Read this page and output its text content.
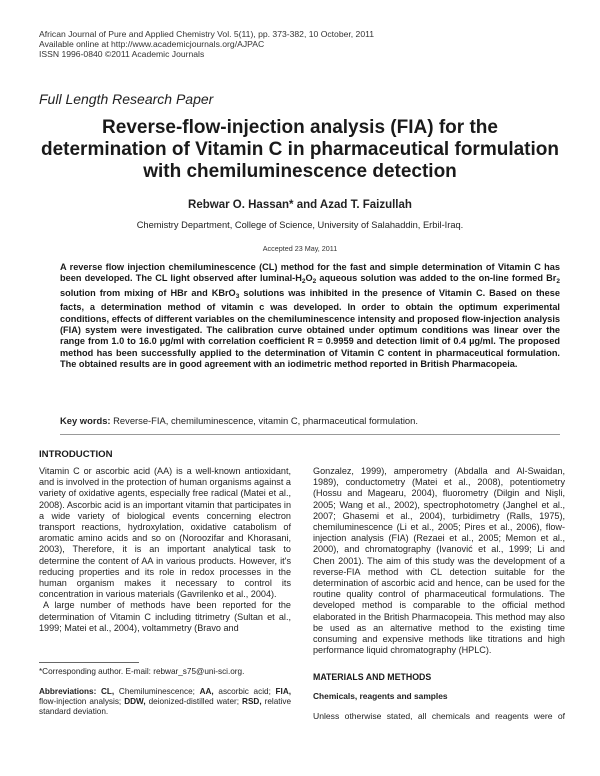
African Journal of Pure and Applied Chemistry Vol. 5(11), pp. 373-382, 10 October, 2011
Available online at http://www.academicjournals.org/AJPAC
ISSN 1996-0840 ©2011 Academic Journals
Full Length Research Paper
Reverse-flow-injection analysis (FIA) for the determination of Vitamin C in pharmaceutical formulation with chemiluminescence detection
Rebwar O. Hassan* and Azad T. Faizullah
Chemistry Department, College of Science, University of Salahaddin, Erbil-Iraq.
Accepted 23 May, 2011
A reverse flow injection chemiluminescence (CL) method for the fast and simple determination of Vitamin C has been developed. The CL light observed after luminal-$H_2O_2$ aqueous solution was added to the on-line formed $Br_2$ solution from mixing of HBr and KBrO$_3$ solutions was inhibited in the presence of Vitamin C. Based on these facts, a determination method of vitamin c was developed. In order to obtain the optimum experimental conditions, effects of different variables on the chemiluminescence intensity and proposed flow-injection analysis (FIA) system were investigated. The calibration curve obtained under optimum conditions was linear over the range from 1.0 to 16.0 µg/ml with correlation coefficient R = 0.9959 and detection limit of 0.4 µg/ml. The proposed method has been successfully applied to the determination of Vitamin C content in pharmaceutical formulation. The obtained results are in good agreement with an iodimetric method reported in British Pharmacopeia.
Key words: Reverse-FIA, chemiluminescence, vitamin C, pharmaceutical formulation.
INTRODUCTION

Vitamin C or ascorbic acid (AA) is a well-known antioxidant, and is involved in the protection of human organisms against a variety of oxidative agents, especially free radical (Matei et al., 2008). Ascorbic acid is an important vitamin that participates in a wide variety of biological events concerning electron transport reactions, hydroxylation, oxidative catabolism of aromatic amino acids and so on (Noroozifar and Khorasani, 2003), Therefore, it is an important analytical task to determine the content of AA in various products. However, it's reducing properties and its role in redox processes in the human organism makes it necessary to control its concentration in various materials (Gavrilenko et al., 2004).

A large number of methods have been reported for the determination of Vitamin C including titrimetry (Sultan et al., 1999; Matei et al., 2004), voltammetry (Bravo and

Gonzalez, 1999), amperometry (Abdalla and Al-Swaidan, 1989), conductometry (Matei et al., 2008), potentiometry (Hossu and Magearu, 2004), fluorometry (Dilgin and Nişli, 2005; Wang et al., 2002), spectrophotometry (Janghel et al., 2007; Ghasemi et al., 2004), turbidimetry (Ralls, 1975), chemiluminescence (Li et al., 2005; Pires et al., 2006), flow-injection analysis (FIA) (Rezaei et al., 2005; Memon et al., 2000), and chromatography (Ivanović et al., 1999; Li and Chen 2001). The aim of this study was the development of a reverse-FIA method with CL detection suitable for the determination of ascorbic acid and hence, can be used for the routine quality control of pharmaceutical formulations. The developed method is comparable to the official method elaborated in the British Pharmacopeia. This method may also be used as an alternative method to the existing time consuming and expensive methods like titrations and high performance liquid chromatography (HPLC).

*Corresponding author. E-mail: rebwar_s75@uni-sci.org.
Abbreviations: CL, Chemiluminescence; AA, ascorbic acid; FIA, flow-injection analysis; DDW, deionized-distilled water; RSD, relative standard deviation.
MATERIALS AND METHODS
Chemicals, reagents and samples
Unless otherwise stated, all chemicals and reagents were of
